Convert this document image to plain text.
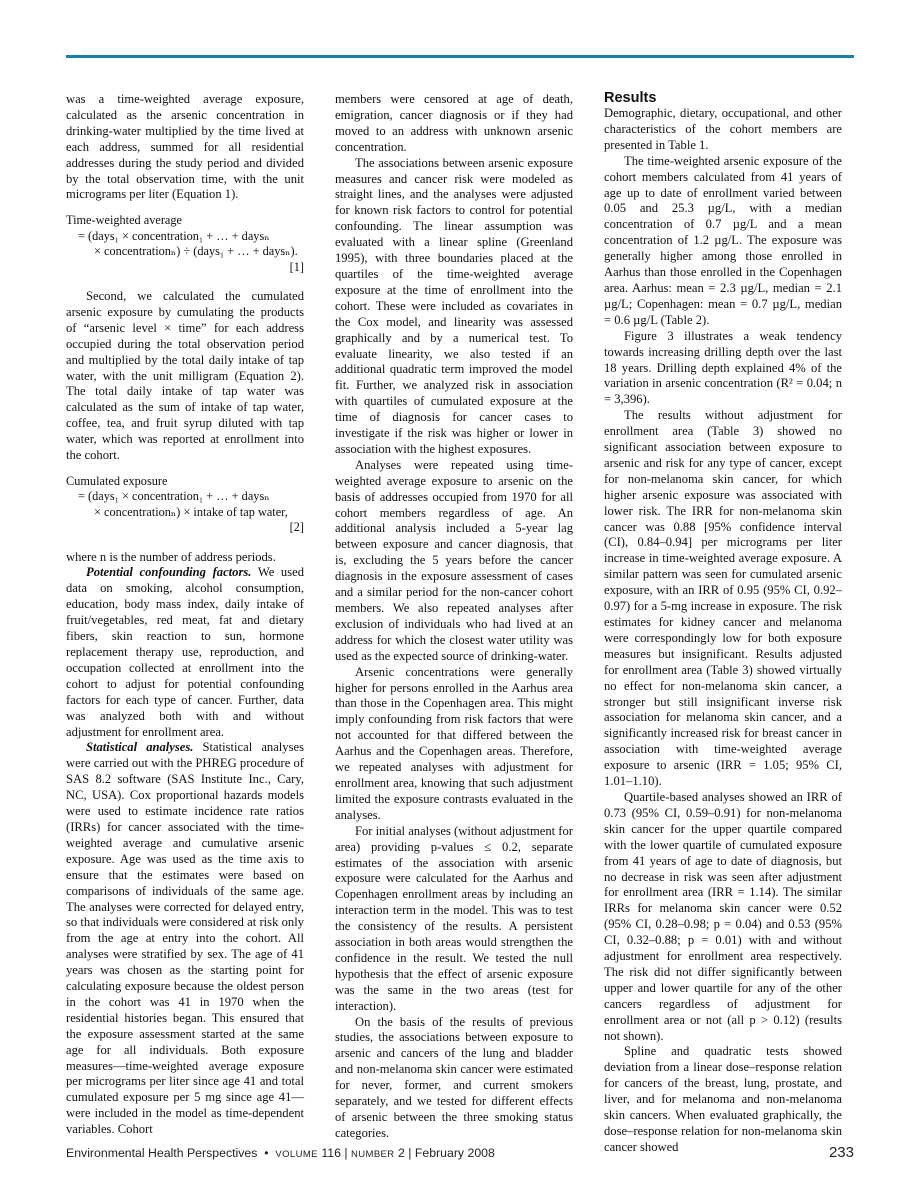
was a time-weighted average exposure, calculated as the arsenic concentration in drinking-water multiplied by the time lived at each address, summed for all residential addresses during the study period and divided by the total observation time, with the unit micrograms per liter (Equation 1).

Time-weighted average
= (days₁ × concentration₁ + … + daysₙ
× concentrationₙ) ÷ (days₁ + … + daysₙ).
[1]

Second, we calculated the cumulated arsenic exposure by cumulating the products of “arsenic level × time” for each address occupied during the total observation period and multiplied by the total daily intake of tap water, with the unit milligram (Equation 2). The total daily intake of tap water was calculated as the sum of intake of tap water, coffee, tea, and fruit syrup diluted with tap water, which was reported at enrollment into the cohort.

Cumulated exposure
= (days₁ × concentration₁ + … + daysₙ
× concentrationₙ) × intake of tap water,
[2]

where n is the number of address periods.

Potential confounding factors. We used data on smoking, alcohol consumption, education, body mass index, daily intake of fruit/vegetables, red meat, fat and dietary fibers, skin reaction to sun, hormone replacement therapy use, reproduction, and occupation collected at enrollment into the cohort to adjust for potential confounding factors for each type of cancer. Further, data was analyzed both with and without adjustment for enrollment area.

Statistical analyses. Statistical analyses were carried out with the PHREG procedure of SAS 8.2 software (SAS Institute Inc., Cary, NC, USA). Cox proportional hazards models were used to estimate incidence rate ratios (IRRs) for cancer associated with the time-weighted average and cumulative arsenic exposure. Age was used as the time axis to ensure that the estimates were based on comparisons of individuals of the same age. The analyses were corrected for delayed entry, so that individuals were considered at risk only from the age at entry into the cohort. All analyses were stratified by sex. The age of 41 years was chosen as the starting point for calculating exposure because the oldest person in the cohort was 41 in 1970 when the residential histories began. This ensured that the exposure assessment started at the same age for all individuals. Both exposure measures—time-weighted average exposure per micrograms per liter since age 41 and total cumulated exposure per 5 mg since age 41—were included in the model as time-dependent variables. Cohort

members were censored at age of death, emigration, cancer diagnosis or if they had moved to an address with unknown arsenic concentration.

The associations between arsenic exposure measures and cancer risk were modeled as straight lines, and the analyses were adjusted for known risk factors to control for potential confounding. The linear assumption was evaluated with a linear spline (Greenland 1995), with three boundaries placed at the quartiles of the time-weighted average exposure at the time of enrollment into the cohort. These were included as covariates in the Cox model, and linearity was assessed graphically and by a numerical test. To evaluate linearity, we also tested if an additional quadratic term improved the model fit. Further, we analyzed risk in association with quartiles of cumulated exposure at the time of diagnosis for cancer cases to investigate if the risk was higher or lower in association with the highest exposures.

Analyses were repeated using time-weighted average exposure to arsenic on the basis of addresses occupied from 1970 for all cohort members regardless of age. An additional analysis included a 5-year lag between exposure and cancer diagnosis, that is, excluding the 5 years before the cancer diagnosis in the exposure assessment of cases and a similar period for the non-cancer cohort members. We also repeated analyses after exclusion of individuals who had lived at an address for which the closest water utility was used as the expected source of drinking-water.

Arsenic concentrations were generally higher for persons enrolled in the Aarhus area than those in the Copenhagen area. This might imply confounding from risk factors that were not accounted for that differed between the Aarhus and the Copenhagen areas. Therefore, we repeated analyses with adjustment for enrollment area, knowing that such adjustment limited the exposure contrasts evaluated in the analyses.

For initial analyses (without adjustment for area) providing p-values ≤ 0.2, separate estimates of the association with arsenic exposure were calculated for the Aarhus and Copenhagen enrollment areas by including an interaction term in the model. This was to test the consistency of the results. A persistent association in both areas would strengthen the confidence in the result. We tested the null hypothesis that the effect of arsenic exposure was the same in the two areas (test for interaction).

On the basis of the results of previous studies, the associations between exposure to arsenic and cancers of the lung and bladder and non-melanoma skin cancer were estimated for never, former, and current smokers separately, and we tested for different effects of arsenic between the three smoking status categories.

Results

Demographic, dietary, occupational, and other characteristics of the cohort members are presented in Table 1.

The time-weighted arsenic exposure of the cohort members calculated from 41 years of age up to date of enrollment varied between 0.05 and 25.3 µg/L, with a median concentration of 0.7 µg/L and a mean concentration of 1.2 µg/L. The exposure was generally higher among those enrolled in Aarhus than those enrolled in the Copenhagen area. Aarhus: mean = 2.3 µg/L, median = 2.1 µg/L; Copenhagen: mean = 0.7 µg/L, median = 0.6 µg/L (Table 2).

Figure 3 illustrates a weak tendency towards increasing drilling depth over the last 18 years. Drilling depth explained 4% of the variation in arsenic concentration (R² = 0.04; n = 3,396).

The results without adjustment for enrollment area (Table 3) showed no significant association between exposure to arsenic and risk for any type of cancer, except for non-melanoma skin cancer, for which higher arsenic exposure was associated with lower risk. The IRR for non-melanoma skin cancer was 0.88 [95% confidence interval (CI), 0.84–0.94] per micrograms per liter increase in time-weighted average exposure. A similar pattern was seen for cumulated arsenic exposure, with an IRR of 0.95 (95% CI, 0.92–0.97) for a 5-mg increase in exposure. The risk estimates for kidney cancer and melanoma were correspondingly low for both exposure measures but insignificant. Results adjusted for enrollment area (Table 3) showed virtually no effect for non-melanoma skin cancer, a stronger but still insignificant inverse risk association for melanoma skin cancer, and a significantly increased risk for breast cancer in association with time-weighted average exposure to arsenic (IRR = 1.05; 95% CI, 1.01–1.10).

Quartile-based analyses showed an IRR of 0.73 (95% CI, 0.59–0.91) for non-melanoma skin cancer for the upper quartile compared with the lower quartile of cumulated exposure from 41 years of age to date of diagnosis, but no decrease in risk was seen after adjustment for enrollment area (IRR = 1.14). The similar IRRs for melanoma skin cancer were 0.52 (95% CI, 0.28–0.98; p = 0.04) and 0.53 (95% CI, 0.32–0.88; p = 0.01) with and without adjustment for enrollment area respectively. The risk did not differ significantly between upper and lower quartile for any of the other cancers regardless of adjustment for enrollment area or not (all p > 0.12) (results not shown).

Spline and quadratic tests showed deviation from a linear dose–response relation for cancers of the breast, lung, prostate, and liver, and for melanoma and non-melanoma skin cancers. When evaluated graphically, the dose–response relation for non-melanoma skin cancer showed

Environmental Health Perspectives • VOLUME 116 | NUMBER 2 | February 2008	233
